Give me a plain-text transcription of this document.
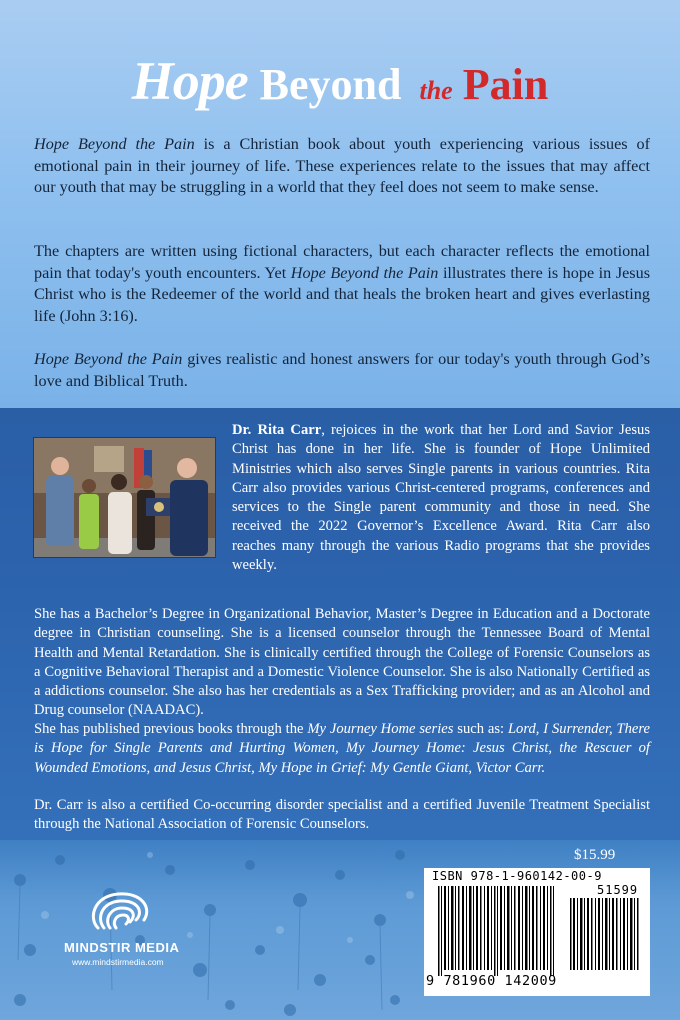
Hope Beyond the Pain

Hope Beyond the Pain is a Christian book about youth experiencing various issues of emotional pain in their journey of life. These experiences relate to the issues that may affect our youth that may be struggling in a world that they feel does not seem to make sense.

The chapters are written using fictional characters, but each character reflects the emotional pain that today's youth encounters. Yet Hope Beyond the Pain illustrates there is hope in Jesus Christ who is the Redeemer of the world and that heals the broken heart and gives everlasting life (John 3:16).

Hope Beyond the Pain gives realistic and honest answers for our today's youth through God’s love and Biblical Truth.

Dr. Rita Carr, rejoices in the work that her Lord and Savior Jesus Christ has done in her life. She is founder of Hope Unlimited Ministries which also serves Single parents in various countries. Rita Carr also provides various Christ-centered programs, conferences and services to the Single parent community and those in need. She received the 2022 Governor’s Excellence Award. Rita Carr also reaches many through the various Radio programs that she provides weekly.

She has a Bachelor’s Degree in Organizational Behavior, Master’s Degree in Education and a Doctorate degree in Christian counseling. She is a licensed counselor through the Tennessee Board of Mental Health and Mental Retardation. She is clinically certified through the College of Forensic Counselors as a Cognitive Behavioral Therapist and a Domestic Violence Counselor. She is also Nationally Certified as a addictions counselor. She also has her credentials as a Sex Trafficking provider; and as an Alcohol and Drug counselor (NAADAC).

She has published previous books through the My Journey Home series such as: Lord, I Surrender, There is Hope for Single Parents and Hurting Women, My Journey Home: Jesus Christ, the Rescuer of Wounded Emotions, and Jesus Christ, My Hope in Grief: My Gentle Giant, Victor Carr.

Dr. Carr is also a certified Co-occurring disorder specialist and a certified Juvenile Treatment Specialist through the National Association of Forensic Counselors.

$15.99
ISBN 978-1-960142-00-9
51599
9 781960 142009
MINDSTIR MEDIA
www.mindstirmedia.com
